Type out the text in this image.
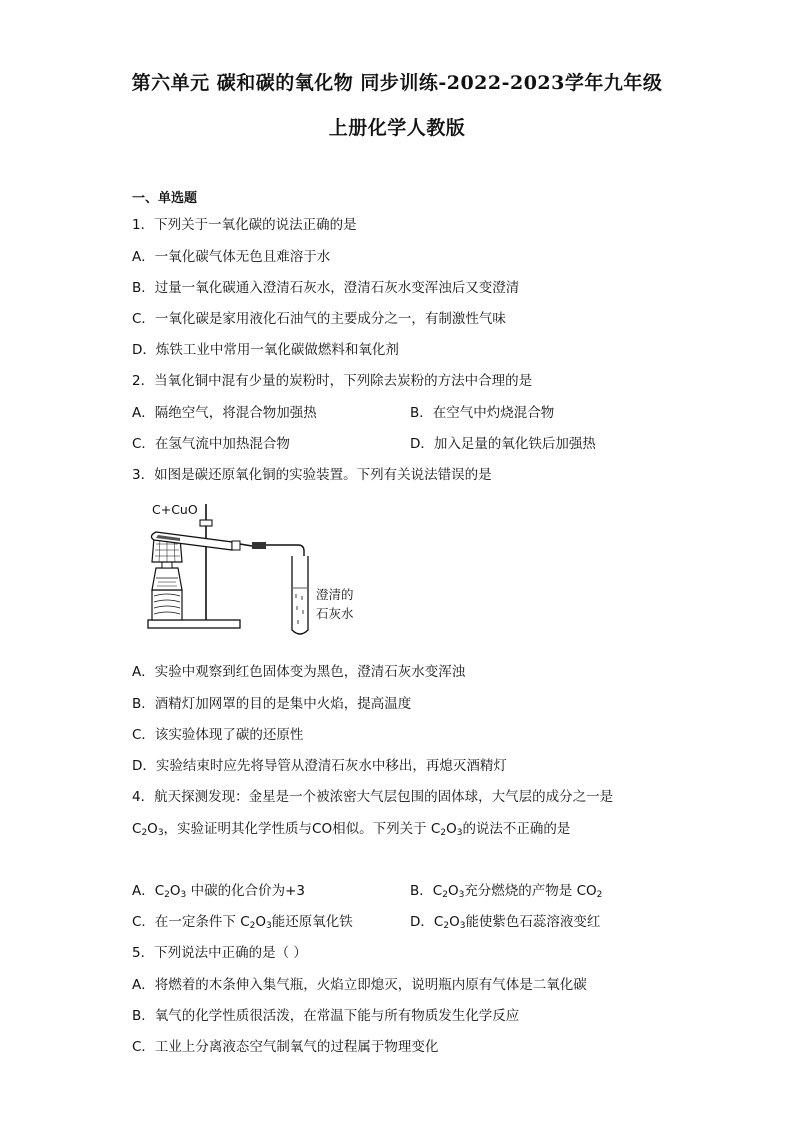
第六单元 碳和碳的氧化物 同步训练-2022-2023学年九年级
上册化学人教版
一、单选题
1．下列关于一氧化碳的说法正确的是
A．一氧化碳气体无色且难溶于水
B．过量一氧化碳通入澄清石灰水，澄清石灰水变浑浊后又变澄清
C．一氧化碳是家用液化石油气的主要成分之一，有制激性气味
D．炼铁工业中常用一氧化碳做燃料和氧化剂
2．当氧化铜中混有少量的炭粉时，下列除去炭粉的方法中合理的是
A．隔绝空气，将混合物加强热	B．在空气中灼烧混合物
C．在氢气流中加热混合物	D．加入足量的氧化铁后加强热
3．如图是碳还原氧化铜的实验装置。下列有关说法错误的是
C+CuO
澄清的
石灰水
A．实验中观察到红色固体变为黑色，澄清石灰水变浑浊
B．酒精灯加网罩的目的是集中火焰，提高温度
C．该实验体现了碳的还原性
D．实验结束时应先将导管从澄清石灰水中移出，再熄灭酒精灯
4．航天探测发现：金星是一个被浓密大气层包围的固体球，大气层的成分之一是
$C_2O_3$，实验证明其化学性质与CO相似。下列关于 $C_2O_3$的说法不正确的是
A．$C_2O_3$ 中碳的化合价为+3	B．$C_2O_3$充分燃烧的产物是 $CO_2$
C．在一定条件下 $C_2O_3$能还原氧化铁	D．$C_2O_3$能使紫色石蕊溶液变红
5．下列说法中正确的是（ ）
A．将燃着的木条伸入集气瓶，火焰立即熄灭，说明瓶内原有气体是二氧化碳
B．氧气的化学性质很活泼，在常温下能与所有物质发生化学反应
C．工业上分离液态空气制氧气的过程属于物理变化
